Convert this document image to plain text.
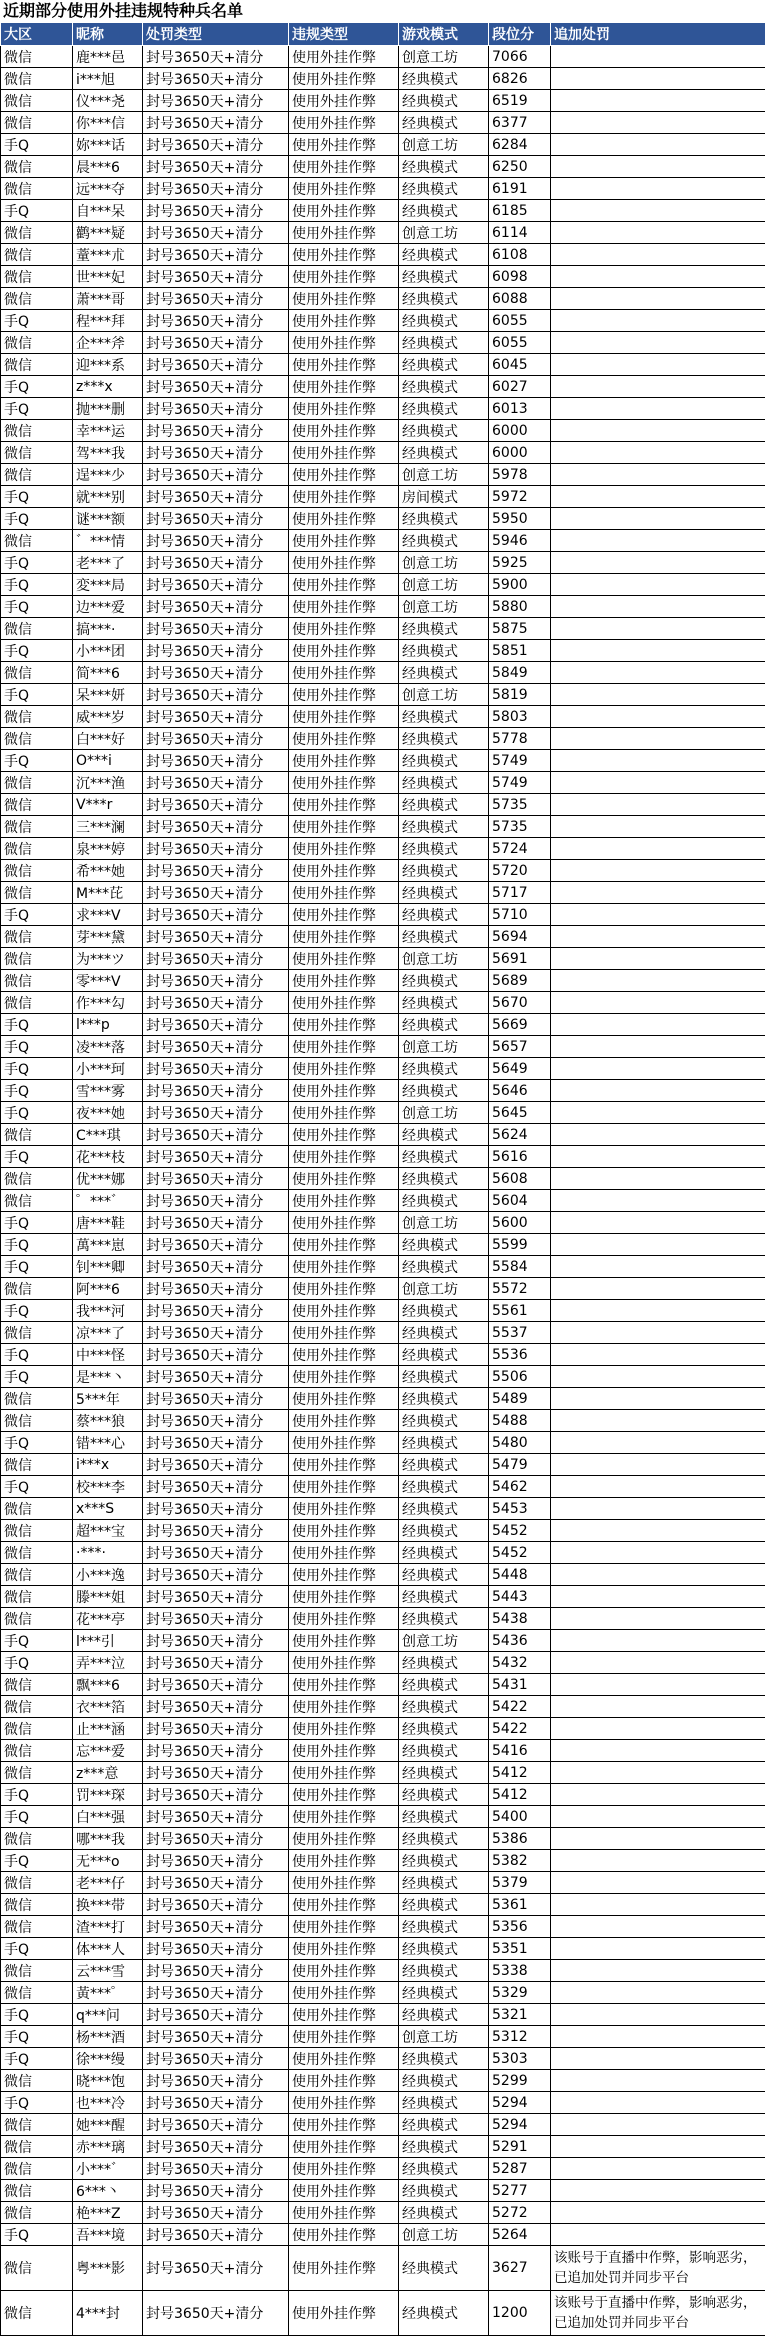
近期部分使用外挂违规特种兵名单
大区	昵称	处罚类型	违规类型	游戏模式	段位分	追加处罚
微信	鹿***邑	封号3650天+清分	使用外挂作弊	创意工坊	7066	
微信	i***旭	封号3650天+清分	使用外挂作弊	经典模式	6826	
微信	仪***尧	封号3650天+清分	使用外挂作弊	经典模式	6519	
微信	你***信	封号3650天+清分	使用外挂作弊	经典模式	6377	
手Q	妳***话	封号3650天+清分	使用外挂作弊	创意工坊	6284	
微信	晨***6	封号3650天+清分	使用外挂作弊	经典模式	6250	
微信	远***夺	封号3650天+清分	使用外挂作弊	经典模式	6191	
手Q	自***呆	封号3650天+清分	使用外挂作弊	经典模式	6185	
微信	鹳***疑	封号3650天+清分	使用外挂作弊	创意工坊	6114	
微信	蕫***朮	封号3650天+清分	使用外挂作弊	经典模式	6108	
微信	世***妃	封号3650天+清分	使用外挂作弊	经典模式	6098	
微信	萧***哥	封号3650天+清分	使用外挂作弊	经典模式	6088	
手Q	程***拜	封号3650天+清分	使用外挂作弊	经典模式	6055	
微信	企***斧	封号3650天+清分	使用外挂作弊	经典模式	6055	
微信	迎***系	封号3650天+清分	使用外挂作弊	经典模式	6045	
手Q	z***x	封号3650天+清分	使用外挂作弊	经典模式	6027	
手Q	抛***删	封号3650天+清分	使用外挂作弊	经典模式	6013	
微信	幸***运	封号3650天+清分	使用外挂作弊	经典模式	6000	
微信	驾***我	封号3650天+清分	使用外挂作弊	经典模式	6000	
微信	逞***少	封号3650天+清分	使用外挂作弊	创意工坊	5978	
手Q	就***别	封号3650天+清分	使用外挂作弊	房间模式	5972	
手Q	谜***额	封号3650天+清分	使用外挂作弊	经典模式	5950	
微信	゛***情	封号3650天+清分	使用外挂作弊	经典模式	5946	
手Q	老***了	封号3650天+清分	使用外挂作弊	创意工坊	5925	
手Q	変***局	封号3650天+清分	使用外挂作弊	创意工坊	5900	
手Q	边***爱	封号3650天+清分	使用外挂作弊	创意工坊	5880	
微信	搞***·	封号3650天+清分	使用外挂作弊	经典模式	5875	
手Q	小***团	封号3650天+清分	使用外挂作弊	经典模式	5851	
微信	简***6	封号3650天+清分	使用外挂作弊	经典模式	5849	
手Q	呆***妍	封号3650天+清分	使用外挂作弊	创意工坊	5819	
微信	威***岁	封号3650天+清分	使用外挂作弊	经典模式	5803	
微信	白***好	封号3650天+清分	使用外挂作弊	经典模式	5778	
手Q	O***i	封号3650天+清分	使用外挂作弊	经典模式	5749	
微信	沉***渔	封号3650天+清分	使用外挂作弊	经典模式	5749	
微信	V***r	封号3650天+清分	使用外挂作弊	经典模式	5735	
微信	三***澜	封号3650天+清分	使用外挂作弊	经典模式	5735	
微信	泉***婷	封号3650天+清分	使用外挂作弊	经典模式	5724	
微信	希***她	封号3650天+清分	使用外挂作弊	经典模式	5720	
微信	M***芘	封号3650天+清分	使用外挂作弊	经典模式	5717	
手Q	求***V	封号3650天+清分	使用外挂作弊	经典模式	5710	
微信	芽***黛	封号3650天+清分	使用外挂作弊	经典模式	5694	
微信	为***ツ	封号3650天+清分	使用外挂作弊	创意工坊	5691	
微信	零***V	封号3650天+清分	使用外挂作弊	经典模式	5689	
微信	作***勾	封号3650天+清分	使用外挂作弊	经典模式	5670	
手Q	l***p	封号3650天+清分	使用外挂作弊	经典模式	5669	
手Q	凌***落	封号3650天+清分	使用外挂作弊	创意工坊	5657	
手Q	小***珂	封号3650天+清分	使用外挂作弊	经典模式	5649	
手Q	雪***雾	封号3650天+清分	使用外挂作弊	经典模式	5646	
手Q	夜***她	封号3650天+清分	使用外挂作弊	创意工坊	5645	
微信	C***琪	封号3650天+清分	使用外挂作弊	经典模式	5624	
手Q	花***枝	封号3650天+清分	使用外挂作弊	经典模式	5616	
微信	优***娜	封号3650天+清分	使用外挂作弊	经典模式	5608	
微信	゜***゛	封号3650天+清分	使用外挂作弊	经典模式	5604	
手Q	唐***鞋	封号3650天+清分	使用外挂作弊	创意工坊	5600	
手Q	萬***崽	封号3650天+清分	使用外挂作弊	经典模式	5599	
手Q	钊***卿	封号3650天+清分	使用外挂作弊	经典模式	5584	
微信	阿***6	封号3650天+清分	使用外挂作弊	创意工坊	5572	
手Q	我***河	封号3650天+清分	使用外挂作弊	经典模式	5561	
微信	凉***了	封号3650天+清分	使用外挂作弊	经典模式	5537	
手Q	中***怪	封号3650天+清分	使用外挂作弊	经典模式	5536	
手Q	是***丶	封号3650天+清分	使用外挂作弊	经典模式	5506	
微信	5***年	封号3650天+清分	使用外挂作弊	经典模式	5489	
微信	蔡***狼	封号3650天+清分	使用外挂作弊	经典模式	5488	
手Q	错***心	封号3650天+清分	使用外挂作弊	经典模式	5480	
微信	i***x	封号3650天+清分	使用外挂作弊	经典模式	5479	
手Q	校***李	封号3650天+清分	使用外挂作弊	经典模式	5462	
微信	x***S	封号3650天+清分	使用外挂作弊	经典模式	5453	
微信	超***宝	封号3650天+清分	使用外挂作弊	经典模式	5452	
微信	·***·	封号3650天+清分	使用外挂作弊	经典模式	5452	
微信	小***逸	封号3650天+清分	使用外挂作弊	经典模式	5448	
微信	滕***姐	封号3650天+清分	使用外挂作弊	经典模式	5443	
微信	花***亭	封号3650天+清分	使用外挂作弊	经典模式	5438	
手Q	l***引	封号3650天+清分	使用外挂作弊	创意工坊	5436	
手Q	弄***泣	封号3650天+清分	使用外挂作弊	经典模式	5432	
微信	飘***6	封号3650天+清分	使用外挂作弊	经典模式	5431	
微信	衣***箔	封号3650天+清分	使用外挂作弊	经典模式	5422	
微信	止***涵	封号3650天+清分	使用外挂作弊	经典模式	5422	
微信	忘***爱	封号3650天+清分	使用外挂作弊	经典模式	5416	
微信	z***意	封号3650天+清分	使用外挂作弊	经典模式	5412	
手Q	罚***琛	封号3650天+清分	使用外挂作弊	经典模式	5412	
手Q	白***强	封号3650天+清分	使用外挂作弊	经典模式	5400	
微信	哪***我	封号3650天+清分	使用外挂作弊	经典模式	5386	
手Q	无***o	封号3650天+清分	使用外挂作弊	经典模式	5382	
微信	老***仔	封号3650天+清分	使用外挂作弊	经典模式	5379	
微信	换***带	封号3650天+清分	使用外挂作弊	经典模式	5361	
微信	渣***打	封号3650天+清分	使用外挂作弊	经典模式	5356	
手Q	体***人	封号3650天+清分	使用外挂作弊	经典模式	5351	
微信	云***雪	封号3650天+清分	使用外挂作弊	经典模式	5338	
微信	黃***゜	封号3650天+清分	使用外挂作弊	经典模式	5329	
手Q	q***问	封号3650天+清分	使用外挂作弊	经典模式	5321	
手Q	杨***酒	封号3650天+清分	使用外挂作弊	创意工坊	5312	
手Q	徐***缦	封号3650天+清分	使用外挂作弊	经典模式	5303	
微信	晓***饱	封号3650天+清分	使用外挂作弊	经典模式	5299	
手Q	也***冷	封号3650天+清分	使用外挂作弊	经典模式	5294	
微信	她***醒	封号3650天+清分	使用外挂作弊	经典模式	5294	
微信	赤***璃	封号3650天+清分	使用外挂作弊	经典模式	5291	
微信	小***゛	封号3650天+清分	使用外挂作弊	经典模式	5287	
微信	6***丶	封号3650天+清分	使用外挂作弊	经典模式	5277	
微信	栬***Z	封号3650天+清分	使用外挂作弊	经典模式	5272	
手Q	吾***境	封号3650天+清分	使用外挂作弊	创意工坊	5264	
微信	粤***影	封号3650天+清分	使用外挂作弊	经典模式	3627	该账号于直播中作弊，影响恶劣，已追加处罚并同步平台
微信	4***封	封号3650天+清分	使用外挂作弊	经典模式	1200	该账号于直播中作弊，影响恶劣，已追加处罚并同步平台
